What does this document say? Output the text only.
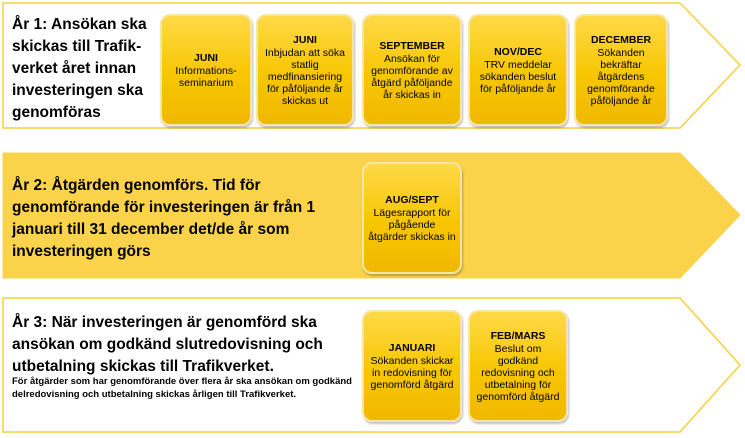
År 1: Ansökan ska skickas till Trafik-verket året innan investeringen ska genomföras
JUNI
Informations-seminarium
JUNI
Inbjudan att söka statlig medfinansiering för påföljande år skickas ut
SEPTEMBER
Ansökan för genomförande av åtgärd påföljande år skickas in
NOV/DEC
TRV meddelar sökanden beslut för påföljande år
DECEMBER
Sökanden bekräftar åtgärdens genomförande påföljande år
År 2: Åtgärden genomförs. Tid för genomförande för investeringen är från 1 januari till 31 december det/de år som investeringen görs
AUG/SEPT
Lägesrapport för pågående åtgärder skickas in
År 3: När investeringen är genomförd ska ansökan om godkänd slutredovisning och utbetalning skickas till Trafikverket.
För åtgärder som har genomförande över flera år ska ansökan om godkänd delredovisning och utbetalning skickas årligen till Trafikverket.
JANUARI
Sökanden skickar in redovisning för genomförd åtgärd
FEB/MARS
Beslut om godkänd redovisning och utbetalning för genomförd åtgärd
